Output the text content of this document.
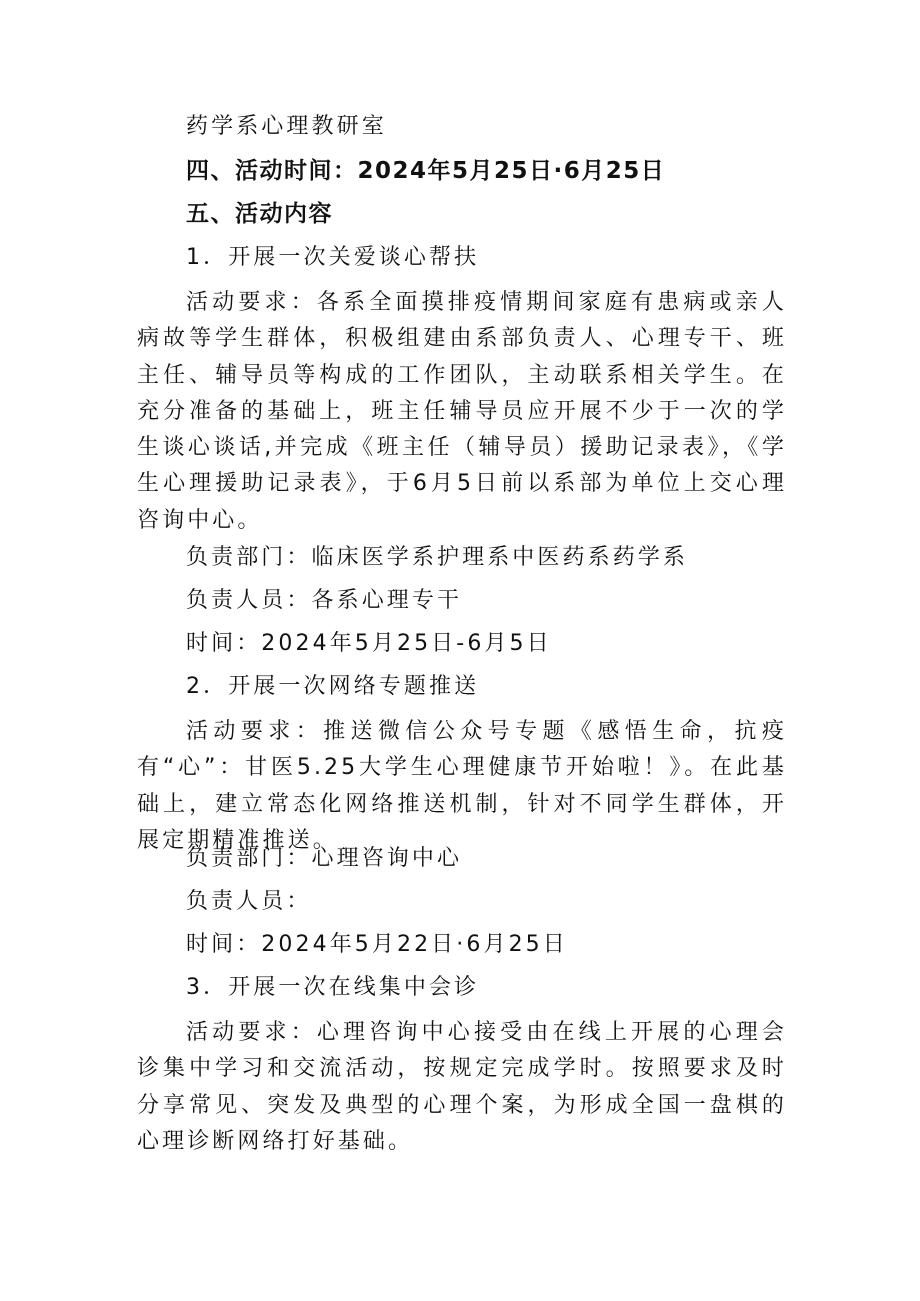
药学系心理教研室
四、活动时间：2024年5月25日·6月25日
五、活动内容
1．开展一次关爱谈心帮扶
活动要求：各系全面摸排疫情期间家庭有患病或亲人病故等学生群体，积极组建由系部负责人、心理专干、班主任、辅导员等构成的工作团队，主动联系相关学生。在充分准备的基础上，班主任辅导员应开展不少于一次的学生谈心谈话,并完成《班主任（辅导员）援助记录表》，《学生心理援助记录表》，于6月5日前以系部为单位上交心理咨询中心。
负责部门：临床医学系护理系中医药系药学系
负责人员：各系心理专干
时间：2024年5月25日-6月5日
2．开展一次网络专题推送
活动要求：推送微信公众号专题《感悟生命，抗疫有“心”：甘医5.25大学生心理健康节开始啦！》。在此基础上，建立常态化网络推送机制，针对不同学生群体，开展定期精准推送。
负责部门：心理咨询中心
负责人员：
时间：2024年5月22日·6月25日
3．开展一次在线集中会诊
活动要求：心理咨询中心接受由在线上开展的心理会诊集中学习和交流活动，按规定完成学时。按照要求及时分享常见、突发及典型的心理个案，为形成全国一盘棋的心理诊断网络打好基础。
